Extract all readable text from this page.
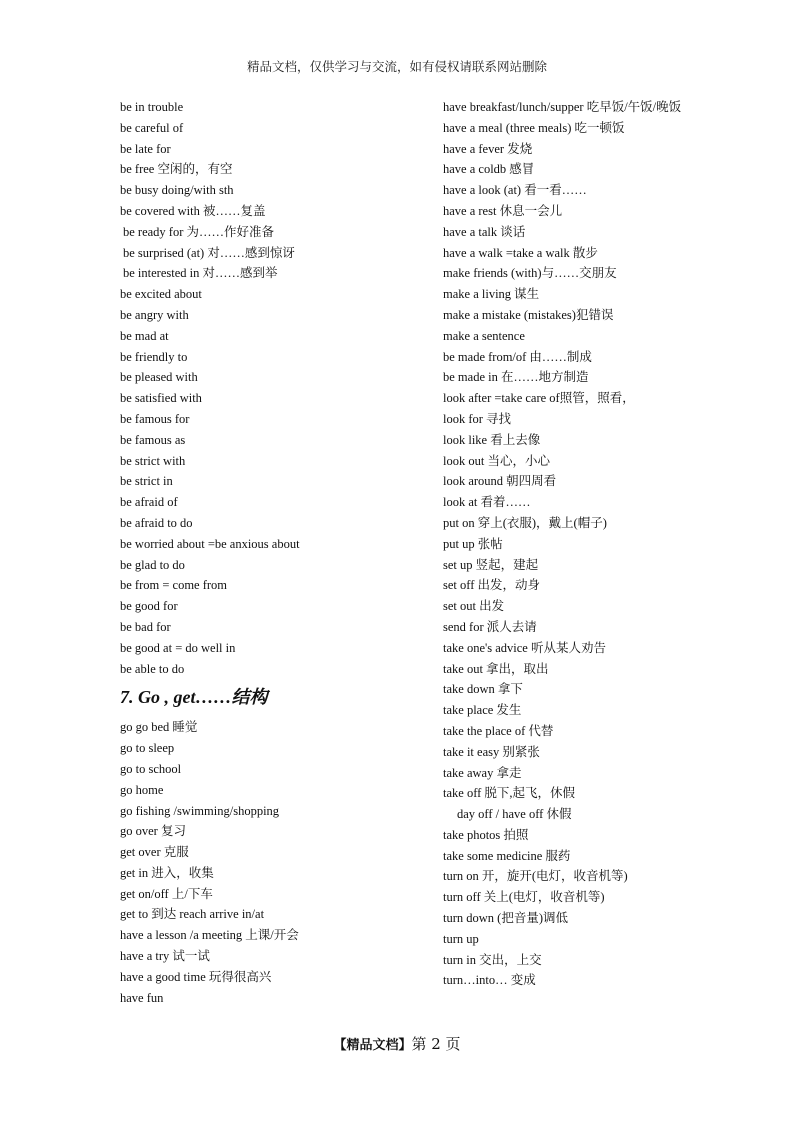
精品文档，仅供学习与交流，如有侵权请联系网站删除
be in trouble
be careful of
be late for
be free 空闲的，有空
be busy doing/with sth
be covered with 被……复盖
be ready for 为……作好准备
be surprised (at) 对……感到惊讶
be interested in 对……感到举
be excited about
be angry with
be mad at
be friendly to
be pleased with
be satisfied with
be famous for
be famous as
be strict with
be strict in
be afraid of
be afraid to do
be worried about =be anxious about
be glad to do
be from = come from
be good for
be bad for
be good at = do well in
be able to do
7. Go , get……结构
go go bed 睡觉
go to sleep
go to school
go home
go fishing /swimming/shopping
go over 复习
get over 克服
get in 进入，收集
get on/off 上/下车
get to 到达 reach arrive in/at
have a lesson /a meeting 上课/开会
have a try 试一试
have a good time 玩得很高兴
have fun
have breakfast/lunch/supper 吃早饭/午饭/晚饭
have a meal (three meals) 吃一顿饭
have a fever 发烧
have a coldb 感冒
have a look (at) 看一看……
have a rest 休息一会儿
have a talk 谈话
have a walk =take a walk 散步
make friends (with)与……交朋友
make a living 谋生
make a mistake (mistakes)犯错误
make a sentence
be made from/of 由……制成
be made in 在……地方制造
look after =take care of照管，照看，
look for 寻找
look like 看上去像
look out 当心，小心
look around 朝四周看
look at 看着……
put on 穿上(衣服)，戴上(帽子)
put up 张帖
set up 竖起，建起
set off 出发，动身
set out 出发
send for 派人去请
take one's advice 听从某人劝告
take out 拿出，取出
take down 拿下
take place 发生
take the place of 代替
take it easy 别紧张
take away 拿走
take off 脱下,起飞，休假
day off / have off 休假
take photos 拍照
take some medicine 服药
turn on 开，旋开(电灯，收音机等)
turn off 关上(电灯，收音机等)
turn down (把音量)调低
turn up
turn in 交出，上交
turn…into… 变成
【精品文档】第 2 页
